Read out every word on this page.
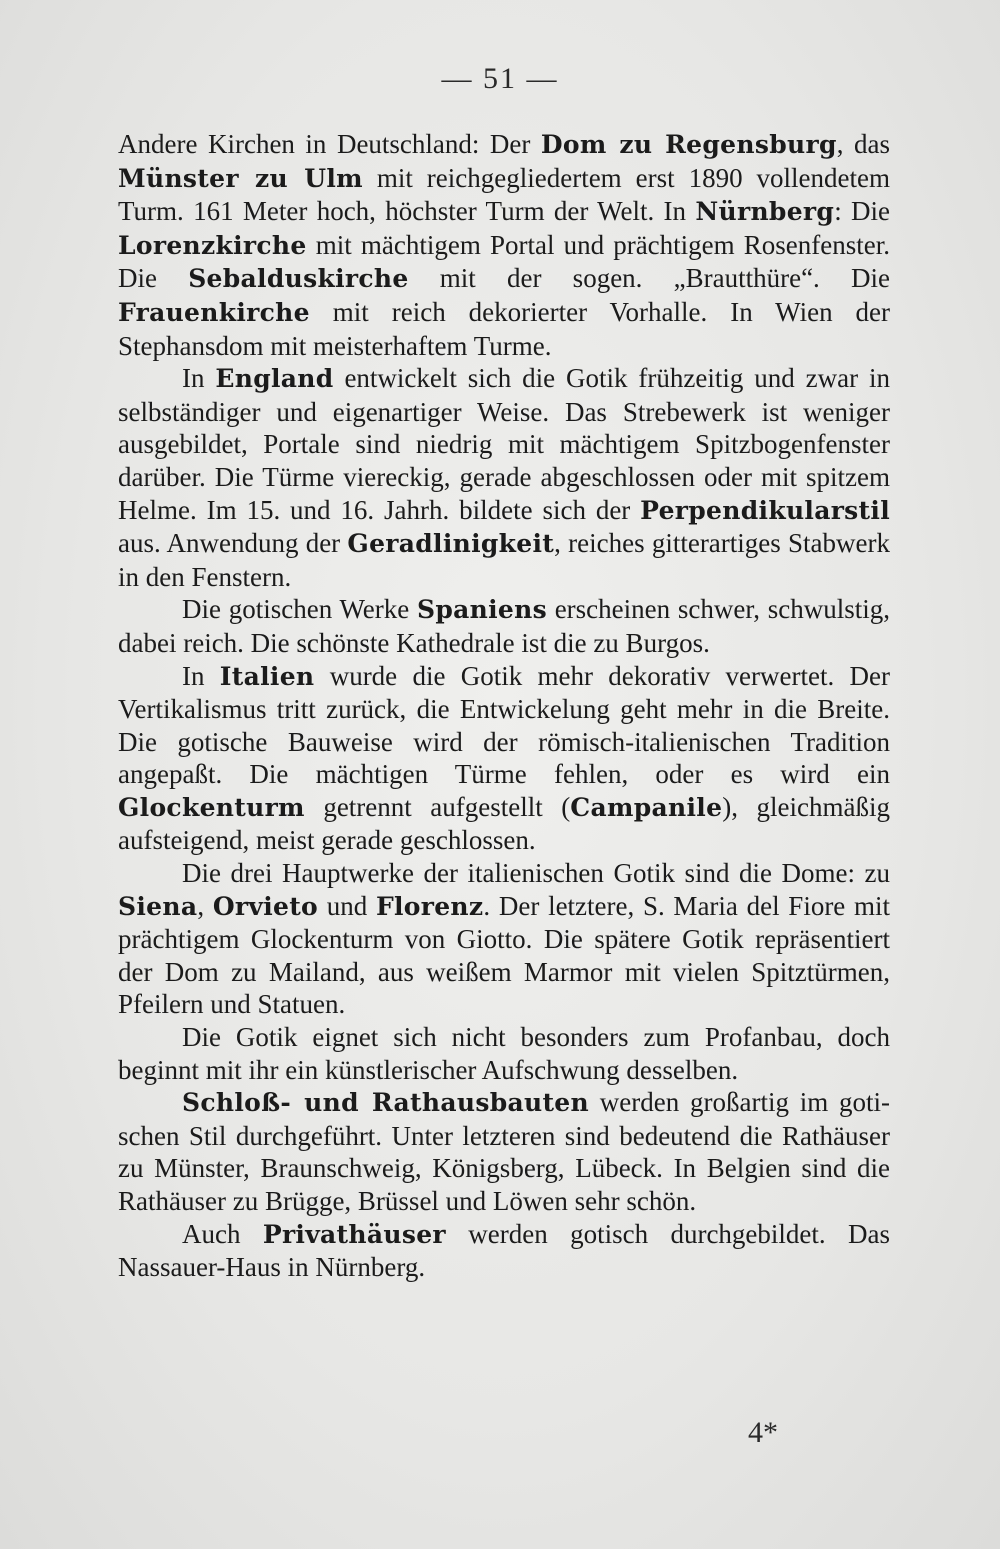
— 51 —

Andere Kirchen in Deutschland: Der Dom zu Regensburg, das Münster zu Ulm mit reichgegliedertem erst 1890 vollendetem Turm. 161 Meter hoch, höchster Turm der Welt. In Nürnberg: Die Lorenzkirche mit mächtigem Portal und prächtigem Rosenfenster. Die Sebalduskirche mit der sogen. „Brautthüre“. Die Frauenkirche mit reich dekorierter Vorhalle. In Wien der Stephansdom mit meisterhaftem Turme.

In England entwickelt sich die Gotik frühzeitig und zwar in selbständiger und eigenartiger Weise. Das Strebewerk ist weniger ausgebildet, Portale sind niedrig mit mächtigem Spitzbogenfenster darüber. Die Türme viereckig, gerade abgeschlossen oder mit spitzem Helme. Im 15. und 16. Jahrh. bildete sich der Perpendikularstil aus. Anwendung der Geradlinigkeit, reiches gitterartiges Stabwerk in den Fenstern.

Die gotischen Werke Spaniens erscheinen schwer, schwulstig, dabei reich. Die schönste Kathedrale ist die zu Burgos.

In Italien wurde die Gotik mehr dekorativ verwertet. Der Vertikalismus tritt zurück, die Entwickelung geht mehr in die Breite. Die gotische Bauweise wird der römisch-italienischen Tradition angepaßt. Die mächtigen Türme fehlen, oder es wird ein Glockenturm getrennt aufgestellt (Campanile), gleichmäßig aufsteigend, meist gerade geschlossen.

Die drei Hauptwerke der italienischen Gotik sind die Dome: zu Siena, Orvieto und Florenz. Der letztere, S. Maria del Fiore mit prächtigem Glockenturm von Giotto. Die spätere Gotik repräsentiert der Dom zu Mailand, aus weißem Marmor mit vielen Spitztürmen, Pfeilern und Statuen.

Die Gotik eignet sich nicht besonders zum Profanbau, doch beginnt mit ihr ein künstlerischer Aufschwung desselben.

Schloß- und Rathausbauten werden großartig im gotischen Stil durchgeführt. Unter letzteren sind bedeutend die Rathäuser zu Münster, Braunschweig, Königsberg, Lübeck. In Belgien sind die Rathäuser zu Brügge, Brüssel und Löwen sehr schön.

Auch Privathäuser werden gotisch durchgebildet. Das Nassauer-Haus in Nürnberg.

4*
